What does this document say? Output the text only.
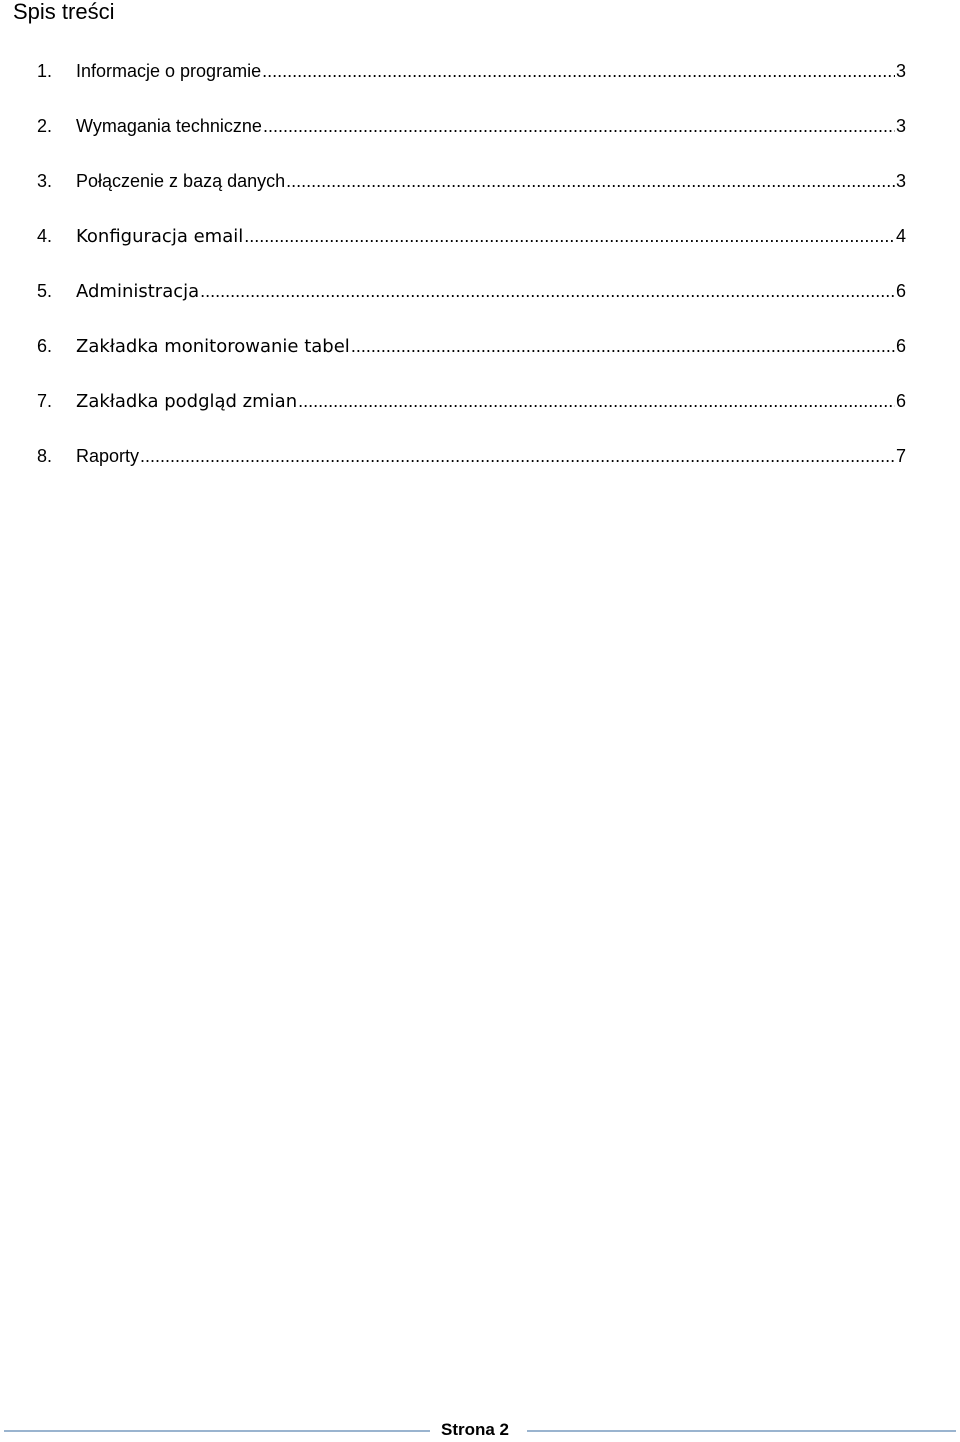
Spis treści
1.	Informacje o programie .....	3
2.	Wymagania techniczne .....	3
3.	Połączenie z bazą danych .....	3
4.	Konfiguracja email .....	4
5.	Administracja .....	6
6.	Zakładka monitorowanie tabel .....	6
7.	Zakładka podgląd zmian .....	6
8.	Raporty .....	7
Strona 2
